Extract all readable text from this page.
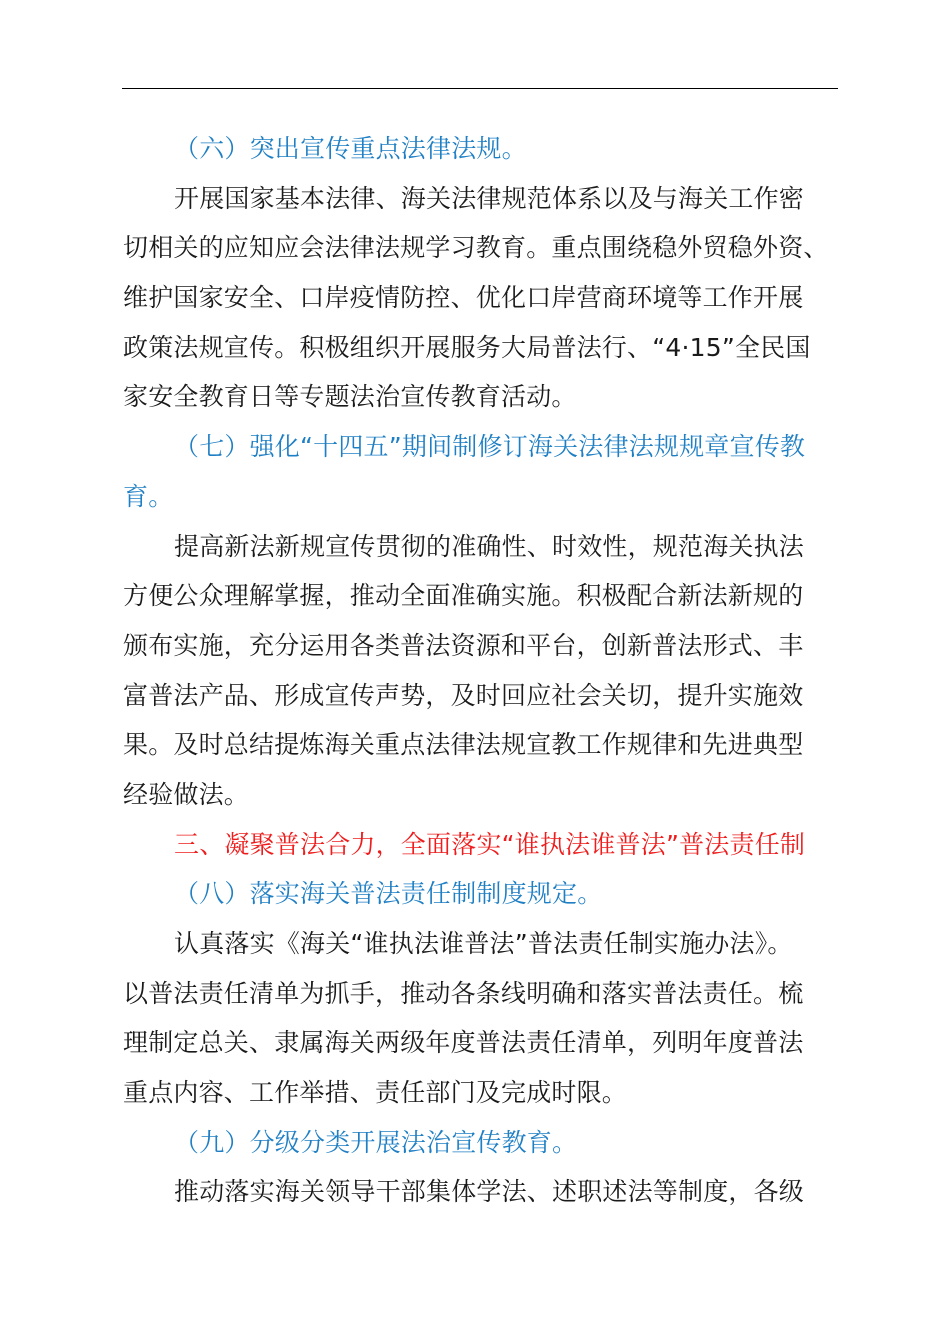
（六）突出宣传重点法律法规。
开展国家基本法律、海关法律规范体系以及与海关工作密
切相关的应知应会法律法规学习教育。重点围绕稳外贸稳外资、
维护国家安全、口岸疫情防控、优化口岸营商环境等工作开展
政策法规宣传。积极组织开展服务大局普法行、“4·15”全民国
家安全教育日等专题法治宣传教育活动。
（七）强化“十四五”期间制修订海关法律法规规章宣传教
育。
提高新法新规宣传贯彻的准确性、时效性，规范海关执法
方便公众理解掌握，推动全面准确实施。积极配合新法新规的
颁布实施，充分运用各类普法资源和平台，创新普法形式、丰
富普法产品、形成宣传声势，及时回应社会关切，提升实施效
果。及时总结提炼海关重点法律法规宣教工作规律和先进典型
经验做法。
三、凝聚普法合力，全面落实“谁执法谁普法”普法责任制
（八）落实海关普法责任制制度规定。
认真落实《海关“谁执法谁普法”普法责任制实施办法》。
以普法责任清单为抓手，推动各条线明确和落实普法责任。梳
理制定总关、隶属海关两级年度普法责任清单，列明年度普法
重点内容、工作举措、责任部门及完成时限。
（九）分级分类开展法治宣传教育。
推动落实海关领导干部集体学法、述职述法等制度，各级
